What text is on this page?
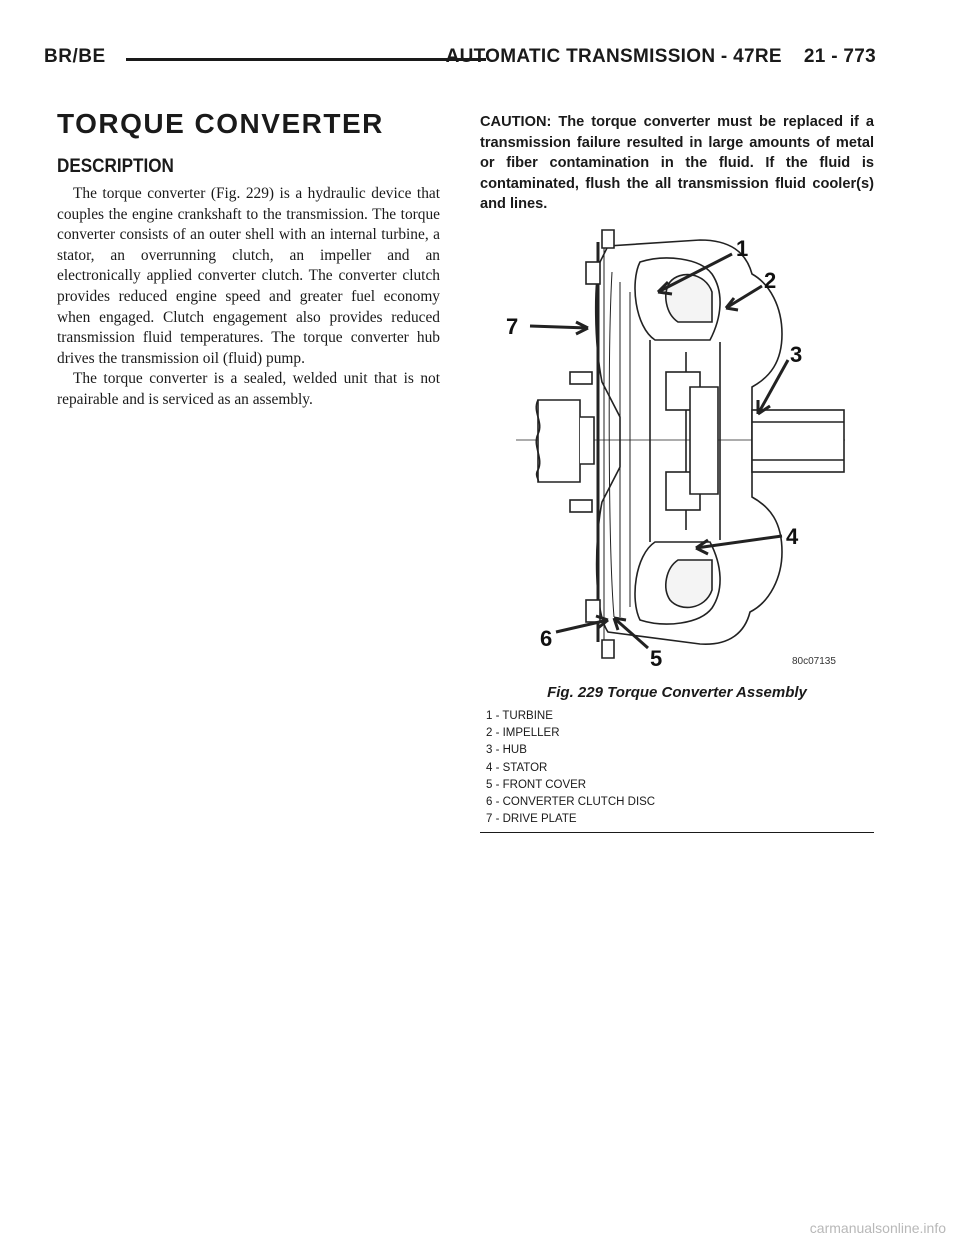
BR/BE	AUTOMATIC TRANSMISSION - 47RE 21 - 773
TORQUE CONVERTER
DESCRIPTION

The torque converter (Fig. 229) is a hydraulic device that couples the engine crankshaft to the transmission. The torque converter consists of an outer shell with an internal turbine, a stator, an overrunning clutch, an impeller and an electronically applied converter clutch. The converter clutch provides reduced engine speed and greater fuel economy when engaged. Clutch engagement also provides reduced transmission fluid temperatures. The torque converter hub drives the transmission oil (fluid) pump.

The torque converter is a sealed, welded unit that is not repairable and is serviced as an assembly.

CAUTION: The torque converter must be replaced if a transmission failure resulted in large amounts of metal or fiber contamination in the fluid. If the fluid is contaminated, flush the all transmission fluid cooler(s) and lines.

1
2
3
4
5
6
7
80c07135
Fig. 229 Torque Converter Assembly
1 - TURBINE
2 - IMPELLER
3 - HUB
4 - STATOR
5 - FRONT COVER
6 - CONVERTER CLUTCH DISC
7 - DRIVE PLATE
carmanualsonline.info
